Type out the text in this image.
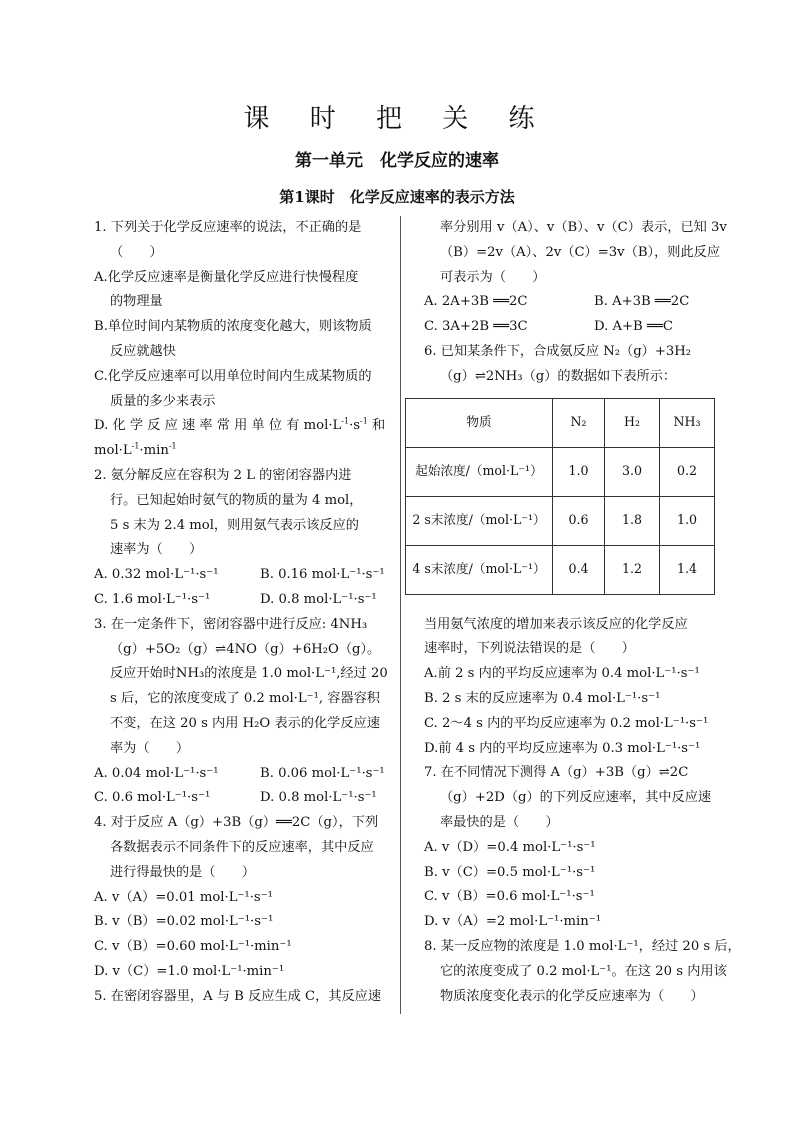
课 时 把 关 练
第一单元　化学反应的速率
第1课时　化学反应速率的表示方法
1. 下列关于化学反应速率的说法，不正确的是
（　　）
A.化学反应速率是衡量化学反应进行快慢程度
的物理量
B.单位时间内某物质的浓度变化越大，则该物质
反应就越快
C.化学反应速率可以用单位时间内生成某物质的
质量的多少来表示
D. 化 学 反 应 速 率 常 用 单 位 有 $mol\cdot L^{-1}\cdot s^{-1}$ 和
$mol\cdot L^{-1}\cdot\min^{-1}$
2. 氨分解反应在容积为 2 L 的密闭容器内进
行。已知起始时氨气的物质的量为 4 mol，
5 s 末为 2.4 mol，则用氨气表示该反应的
速率为（　　）
A. 0.32 mol·L⁻¹·s⁻¹	B. 0.16 mol·L⁻¹·s⁻¹
C. 1.6 mol·L⁻¹·s⁻¹	D. 0.8 mol·L⁻¹·s⁻¹
3. 在一定条件下，密闭容器中进行反应: 4NH₃
（g）+5O₂（g）⇌4NO（g）+6H₂O（g）。
反应开始时NH₃的浓度是 1.0 mol·L⁻¹,经过 20
s 后，它的浓度变成了 0.2 mol·L⁻¹, 容器容积
不变，在这 20 s 内用 H₂O 表示的化学反应速
率为（　　）
A. 0.04 mol·L⁻¹·s⁻¹	B. 0.06 mol·L⁻¹·s⁻¹
C. 0.6 mol·L⁻¹·s⁻¹	D. 0.8 mol·L⁻¹·s⁻¹
4. 对于反应 A（g）+3B（g）══2C（g），下列
各数据表示不同条件下的反应速率，其中反应
进行得最快的是（　　）
A. v（A）=0.01 mol·L⁻¹·s⁻¹
B. v（B）=0.02 mol·L⁻¹·s⁻¹
C. v（B）=0.60 mol·L⁻¹·min⁻¹
D. v（C）=1.0 mol·L⁻¹·min⁻¹
5. 在密闭容器里，A 与 B 反应生成 C，其反应速
率分别用 v（A）、v（B）、v（C）表示，已知 3v
（B）=2v（A）、2v（C）=3v（B），则此反应
可表示为（　　）
A. 2A+3B ══2C	B. A+3B ══2C
C. 3A+2B ══3C	D. A+B ══C
6. 已知某条件下，合成氨反应 N₂（g）+3H₂
（g）⇌2NH₃（g）的数据如下表所示：
物质	N₂	H₂	NH₃
起始浓度/（mol·L⁻¹）	1.0	3.0	0.2
2 s末浓度/（mol·L⁻¹）	0.6	1.8	1.0
4 s末浓度/（mol·L⁻¹）	0.4	1.2	1.4
当用氨气浓度的增加来表示该反应的化学反应
速率时，下列说法错误的是（　　）
A.前 2 s 内的平均反应速率为 0.4 mol·L⁻¹·s⁻¹
B. 2 s 末的反应速率为 0.4 mol·L⁻¹·s⁻¹
C. 2～4 s 内的平均反应速率为 0.2 mol·L⁻¹·s⁻¹
D.前 4 s 内的平均反应速率为 0.3 mol·L⁻¹·s⁻¹
7. 在不同情况下测得 A（g）+3B（g）⇌2C
（g）+2D（g）的下列反应速率，其中反应速
率最快的是（　　）
A. v（D）=0.4 mol·L⁻¹·s⁻¹
B. v（C）=0.5 mol·L⁻¹·s⁻¹
C. v（B）=0.6 mol·L⁻¹·s⁻¹
D. v（A）=2 mol·L⁻¹·min⁻¹
8. 某一反应物的浓度是 1.0 mol·L⁻¹，经过 20 s 后，
它的浓度变成了 0.2 mol·L⁻¹。在这 20 s 内用该
物质浓度变化表示的化学反应速率为（　　）
